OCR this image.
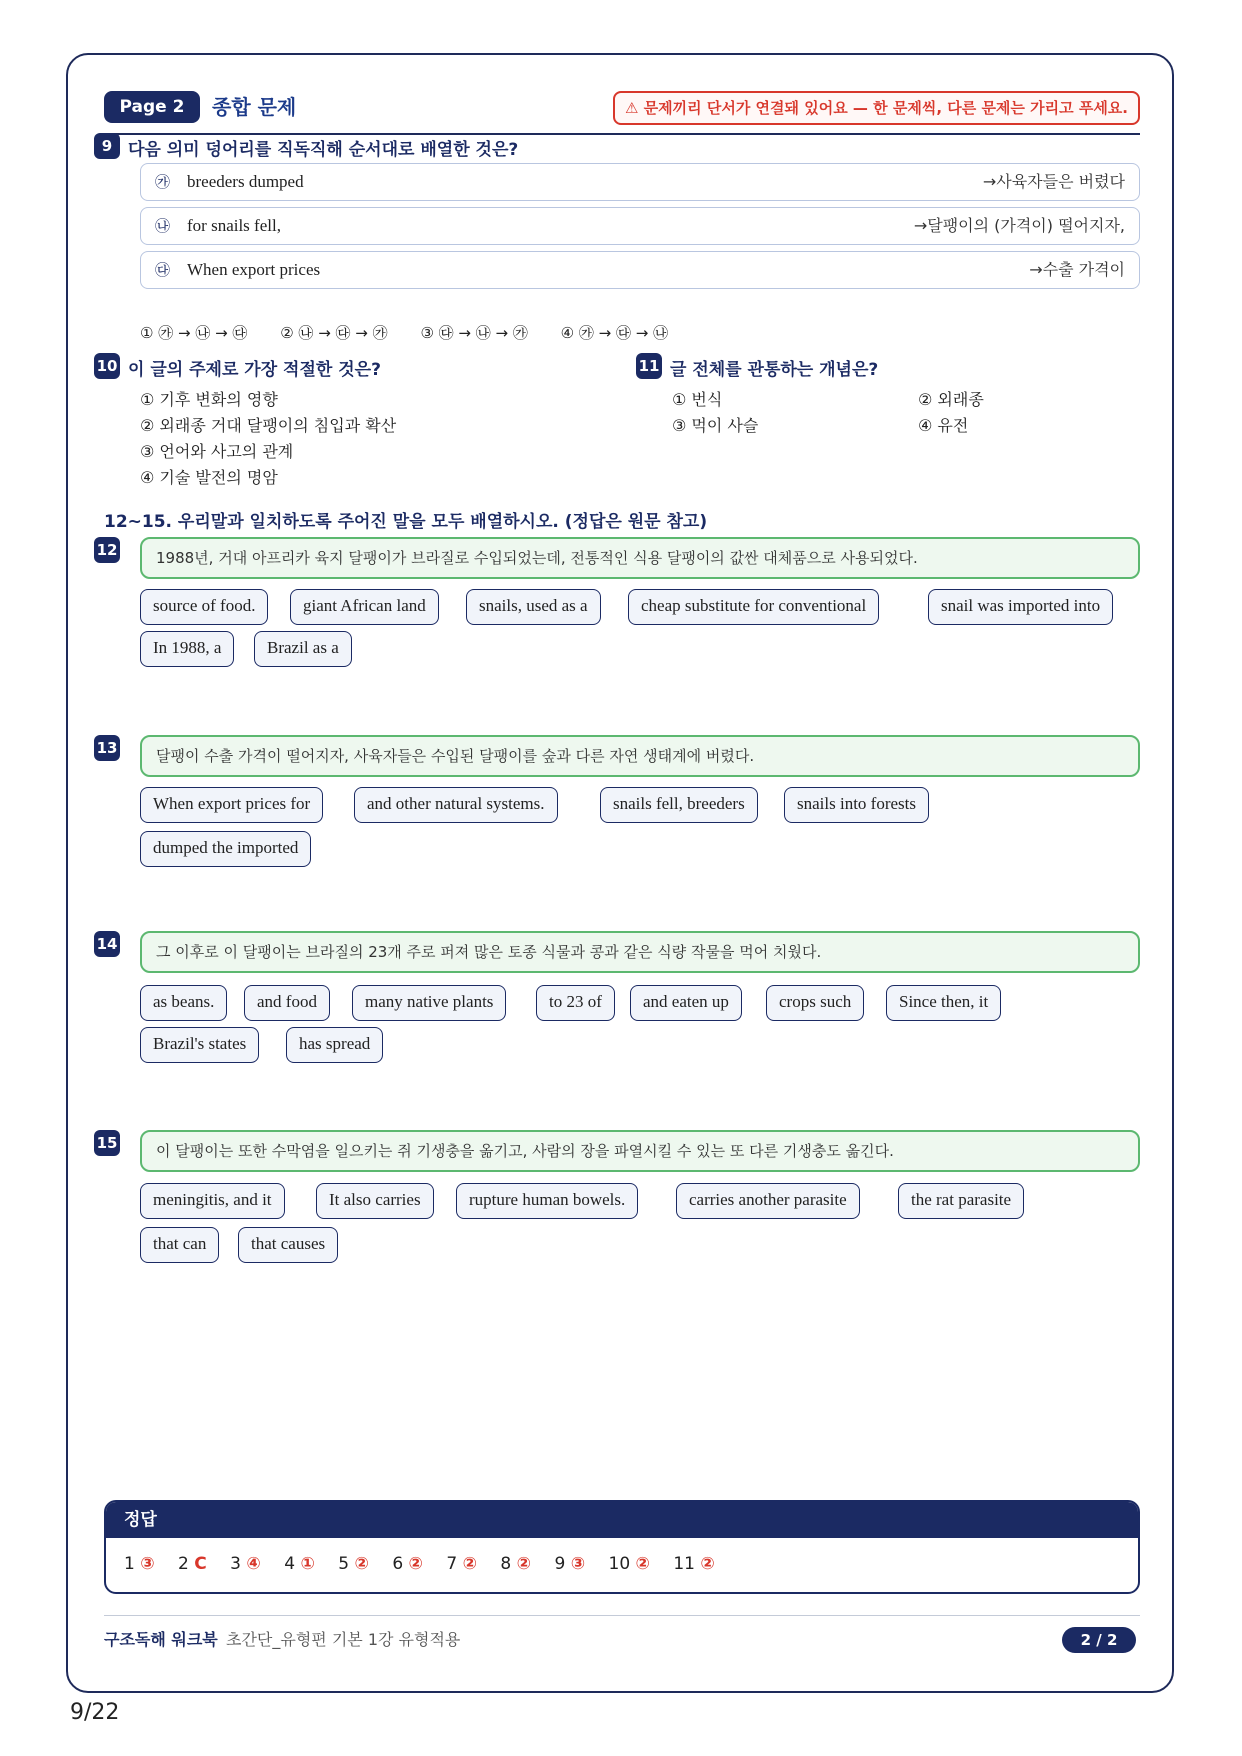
Page 2	종합 문제	⚠ 문제끼리 단서가 연결돼 있어요 — 한 문제씩, 다른 문제는 가리고 푸세요.
9 다음 의미 덩어리를 직독직해 순서대로 배열한 것은?
㉮ breeders dumped	→사육자들은 버렸다
㉯ for snails fell,	→달팽이의 (가격이) 떨어지자,
㉰ When export prices	→수출 가격이
① ㉮ → ㉯ → ㉰ ② ㉯ → ㉰ → ㉮ ③ ㉰ → ㉯ → ㉮ ④ ㉮ → ㉰ → ㉯
10 이 글의 주제로 가장 적절한 것은?
① 기후 변화의 영향
② 외래종 거대 달팽이의 침입과 확산
③ 언어와 사고의 관계
④ 기술 발전의 명암
11 글 전체를 관통하는 개념은?
① 번식	② 외래종
③ 먹이 사슬	④ 유전
12~15. 우리말과 일치하도록 주어진 말을 모두 배열하시오. (정답은 원문 참고)
12	1988년, 거대 아프리카 육지 달팽이가 브라질로 수입되었는데, 전통적인 식용 달팽이의 값싼 대체품으로 사용되었다.
source of food.	giant African land	snails, used as a	cheap substitute for conventional	snail was imported into
In 1988, a	Brazil as a
13	달팽이 수출 가격이 떨어지자, 사육자들은 수입된 달팽이를 숲과 다른 자연 생태계에 버렸다.
When export prices for	and other natural systems.	snails fell, breeders	snails into forests
dumped the imported
14	그 이후로 이 달팽이는 브라질의 23개 주로 퍼져 많은 토종 식물과 콩과 같은 식량 작물을 먹어 치웠다.
as beans.	and food	many native plants	to 23 of	and eaten up	crops such	Since then, it
Brazil's states	has spread
15	이 달팽이는 또한 수막염을 일으키는 쥐 기생충을 옮기고, 사람의 장을 파열시킬 수 있는 또 다른 기생충도 옮긴다.
meningitis, and it	It also carries	rupture human bowels.	carries another parasite	the rat parasite
that can	that causes
정답
1 ③ 2 C 3 ④ 4 ① 5 ② 6 ② 7 ② 8 ② 9 ③ 10 ② 11 ②
구조독해 워크북 초간단_유형편 기본 1강 유형적용	2 / 2
9/22
